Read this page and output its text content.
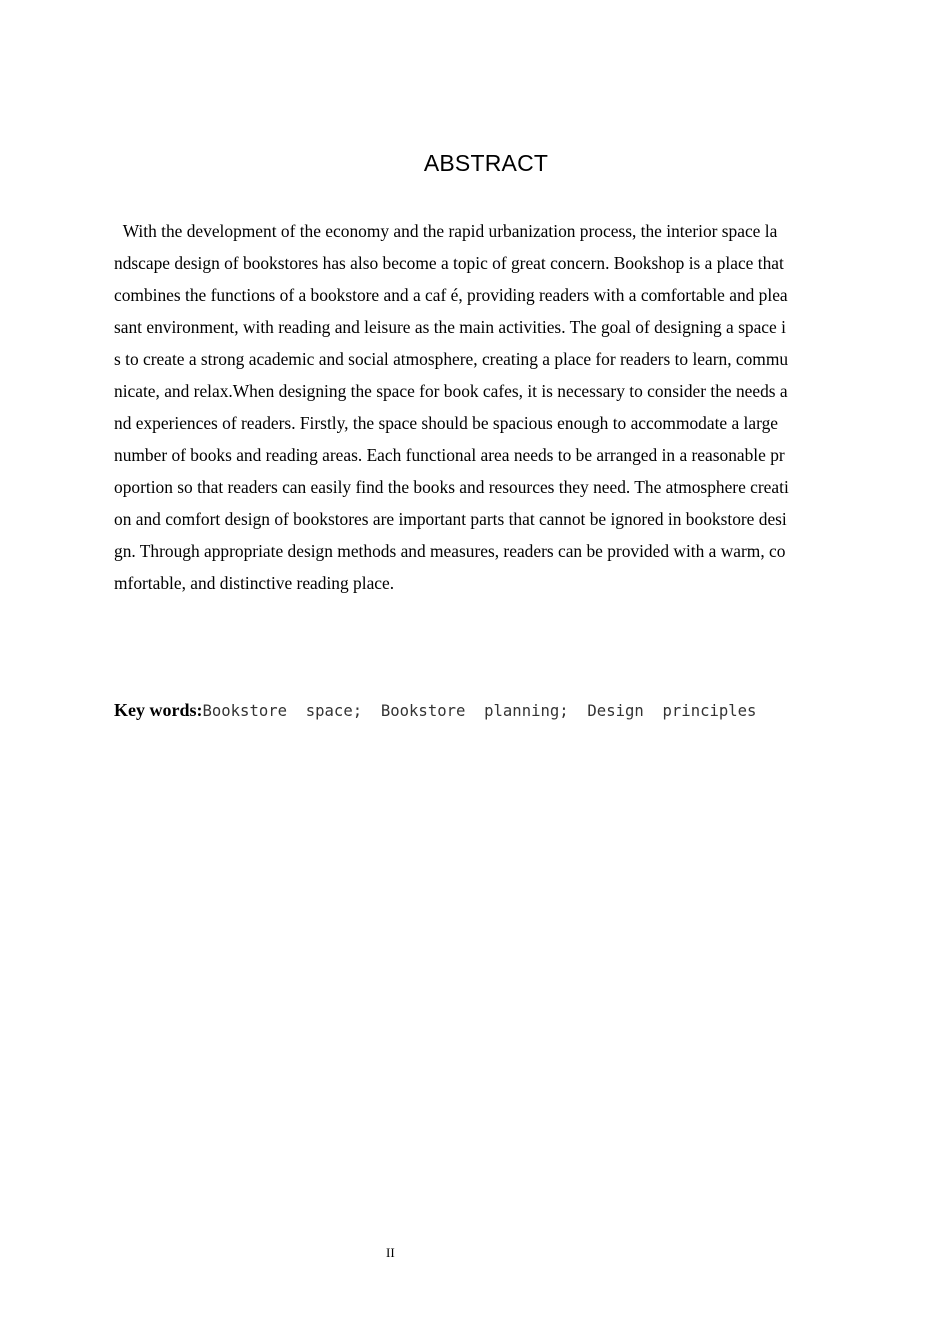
ABSTRACT
 With the development of the economy and the rapid urbanization process, the interior space la
ndscape design of bookstores has also become a topic of great concern. Bookshop is a place that
combines the functions of a bookstore and a caf é, providing readers with a comfortable and plea
sant environment, with reading and leisure as the main activities. The goal of designing a space i
s to create a strong academic and social atmosphere, creating a place for readers to learn, commu
nicate, and relax.When designing the space for book cafes, it is necessary to consider the needs a
nd experiences of readers. Firstly, the space should be spacious enough to accommodate a large
number of books and reading areas. Each functional area needs to be arranged in a reasonable pr
oportion so that readers can easily find the books and resources they need. The atmosphere creati
on and comfort design of bookstores are important parts that cannot be ignored in bookstore desi
gn. Through appropriate design methods and measures, readers can be provided with a warm, co
mfortable, and distinctive reading place.
Key words:Bookstore  space;  Bookstore  planning;  Design  principles
II
